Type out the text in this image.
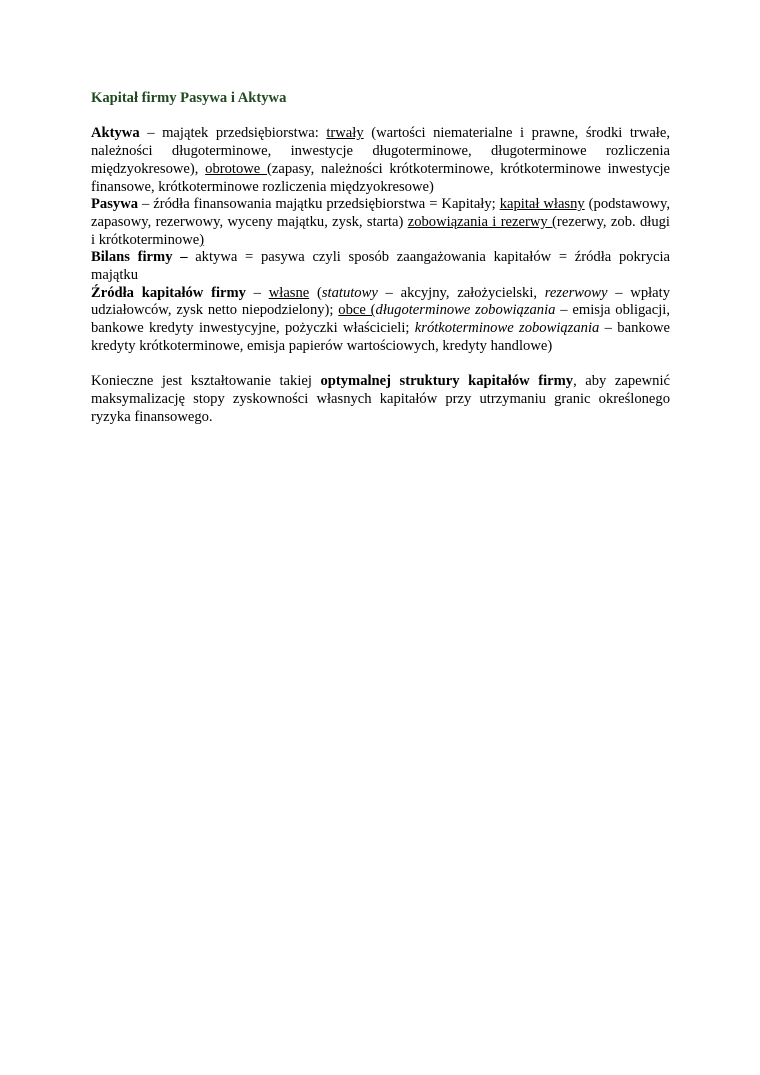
Kapitał firmy Pasywa i Aktywa

Aktywa – majątek przedsiębiorstwa: trwały (wartości niematerialne i prawne, środki trwałe, należności długoterminowe, inwestycje długoterminowe, długoterminowe rozliczenia międzyokresowe), obrotowe (zapasy, należności krótkoterminowe, krótkoterminowe inwestycje finansowe, krótkoterminowe rozliczenia międzyokresowe)

Pasywa – źródła finansowania majątku przedsiębiorstwa = Kapitały; kapitał własny (podstawowy, zapasowy, rezerwowy, wyceny majątku, zysk, starta) zobowiązania i rezerwy (rezerwy, zob. długi i krótkoterminowe)

Bilans firmy – aktywa = pasywa czyli sposób zaangażowania kapitałów = źródła pokrycia majątku

Źródła kapitałów firmy – własne (statutowy – akcyjny, założycielski, rezerwowy – wpłaty udziałowców, zysk netto niepodzielony); obce (długoterminowe zobowiązania – emisja obligacji, bankowe kredyty inwestycyjne, pożyczki właścicieli; krótkoterminowe zobowiązania – bankowe kredyty krótkoterminowe, emisja papierów wartościowych, kredyty handlowe)

Konieczne jest kształtowanie takiej optymalnej struktury kapitałów firmy, aby zapewnić maksymalizację stopy zyskowności własnych kapitałów przy utrzymaniu granic określonego ryzyka finansowego.
